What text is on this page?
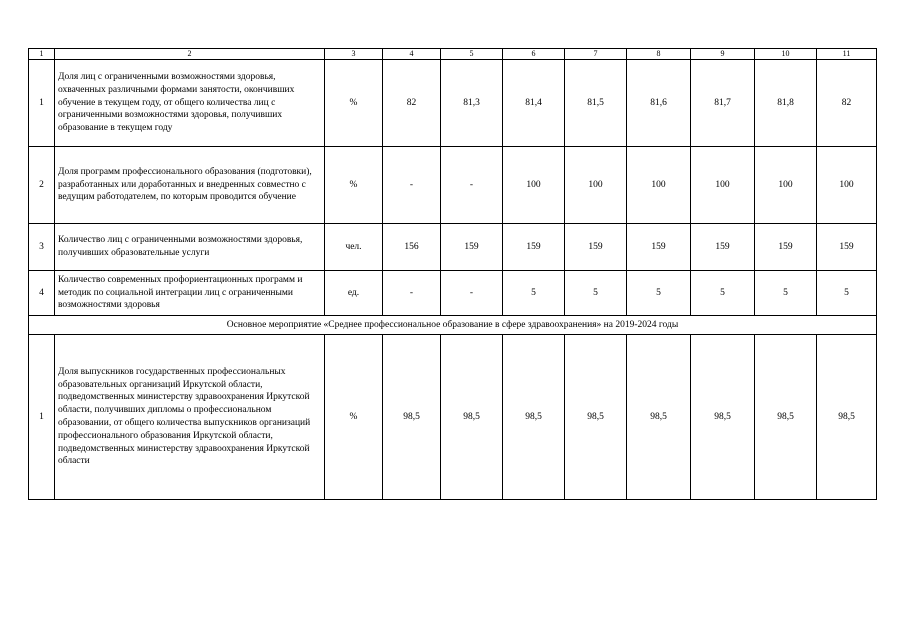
1	2	3	4	5	6	7	8	9	10	11
1	Доля лиц с ограниченными возможностями здоровья, охваченных различными формами занятости, окончивших обучение в текущем году, от общего количества лиц с ограниченными возможностями здоровья, получивших образование в текущем году	%	82	81,3	81,4	81,5	81,6	81,7	81,8	82
2	Доля программ профессионального образования (подготовки), разработанных или доработанных и внедренных совместно с ведущим работодателем, по которым проводится обучение	%	-	-	100	100	100	100	100	100
3	Количество лиц с ограниченными возможностями здоровья, получивших образовательные услуги	чел.	156	159	159	159	159	159	159	159
4	Количество современных профориентационных программ и методик по социальной интеграции лиц с ограниченными возможностями здоровья	ед.	-	-	5	5	5	5	5	5
Основное мероприятие «Среднее профессиональное образование в сфере здравоохранения» на 2019-2024 годы										
1	Доля выпускников государственных профессиональных образовательных организаций Иркутской области, подведомственных министерству здравоохранения Иркутской области, получивших дипломы о профессиональном образовании, от общего количества выпускников организаций профессионального образования Иркутской области, подведомственных министерству здравоохранения Иркутской области	%	98,5	98,5	98,5	98,5	98,5	98,5	98,5	98,5
